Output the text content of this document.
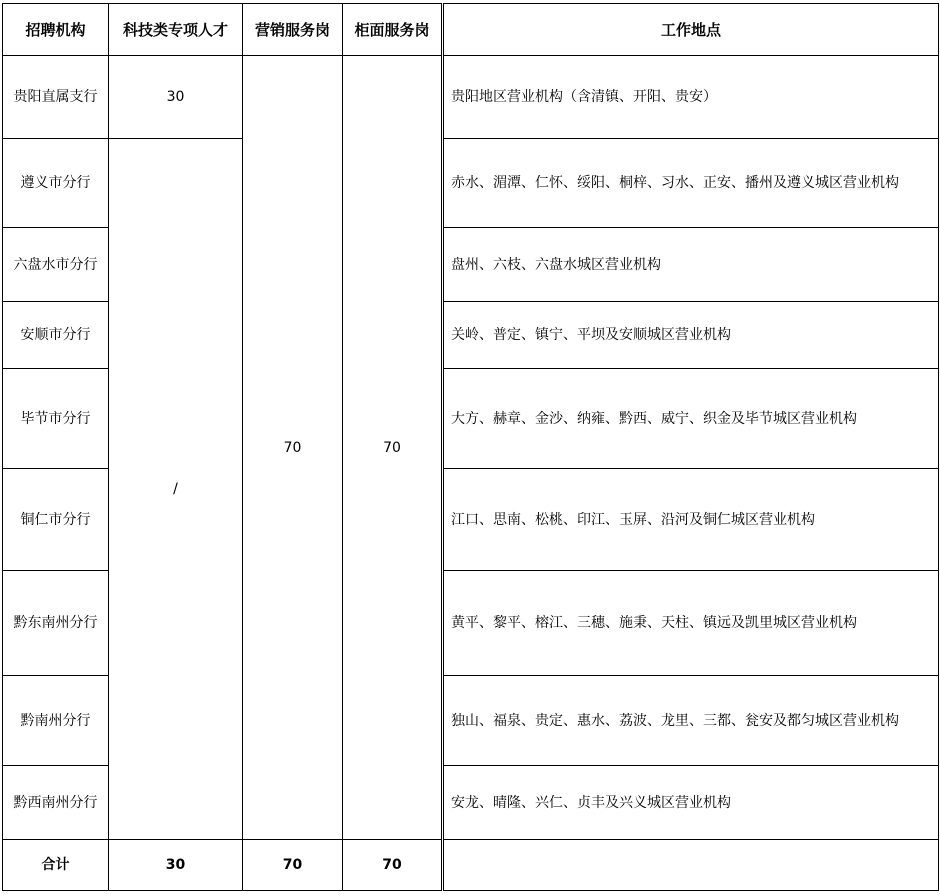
招聘机构	科技类专项人才	营销服务岗	柜面服务岗	工作地点
贵阳直属支行	30	70	70	贵阳地区营业机构（含清镇、开阳、贵安）
遵义市分行	/			赤水、湄潭、仁怀、绥阳、桐梓、习水、正安、播州及遵义城区营业机构
六盘水市分行				盘州、六枝、六盘水城区营业机构
安顺市分行				关岭、普定、镇宁、平坝及安顺城区营业机构
毕节市分行				大方、赫章、金沙、纳雍、黔西、威宁、织金及毕节城区营业机构
铜仁市分行				江口、思南、松桃、印江、玉屏、沿河及铜仁城区营业机构
黔东南州分行				黄平、黎平、榕江、三穗、施秉、天柱、镇远及凯里城区营业机构
黔南州分行				独山、福泉、贵定、惠水、荔波、龙里、三都、瓮安及都匀城区营业机构
黔西南州分行				安龙、晴隆、兴仁、贞丰及兴义城区营业机构
合计	30	70	70	
